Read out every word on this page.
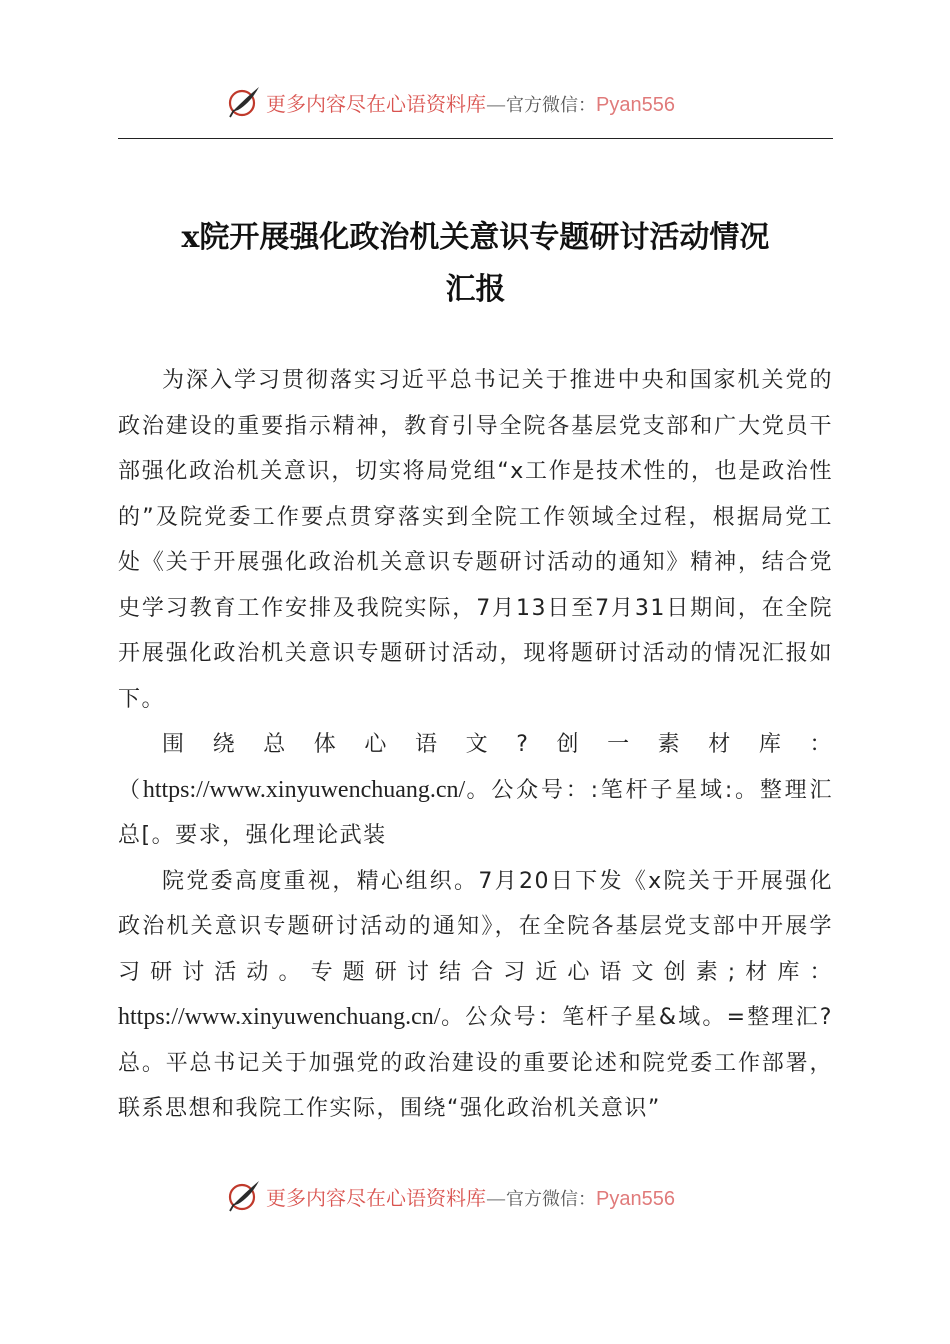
更多内容尽在心语资料库—官方微信：Pyan556
x院开展强化政治机关意识专题研讨活动情况
汇报

为深入学习贯彻落实习近平总书记关于推进中央和国家机关党的政治建设的重要指示精神，教育引导全院各基层党支部和广大党员干部强化政治机关意识，切实将局党组“x工作是技术性的，也是政治性的”及院党委工作要点贯穿落实到全院工作领域全过程，根据局党工处《关于开展强化政治机关意识专题研讨活动的通知》精神，结合党史学习教育工作安排及我院实际，7月13日至7月31日期间，在全院开展强化政治机关意识专题研讨活动，现将题研讨活动的情况汇报如下。

围绕总体心语文?创一素材库：（https://www.xinyuwenchuang.cn/。公众号：:笔杆子星域:。整理汇总[。要求，强化理论武装

院党委高度重视，精心组织。7月20日下发《x院关于开展强化政治机关意识专题研讨活动的通知》，在全院各基层党支部中开展学习研讨活动。专题研讨结合习近心语文创素;材库：https://www.xinyuwenchuang.cn/。公众号：笔杆子星&域。=整理汇?总。平总书记关于加强党的政治建设的重要论述和院党委工作部署，联系思想和我院工作实际，围绕“强化政治机关意识”

更多内容尽在心语资料库—官方微信：Pyan556
